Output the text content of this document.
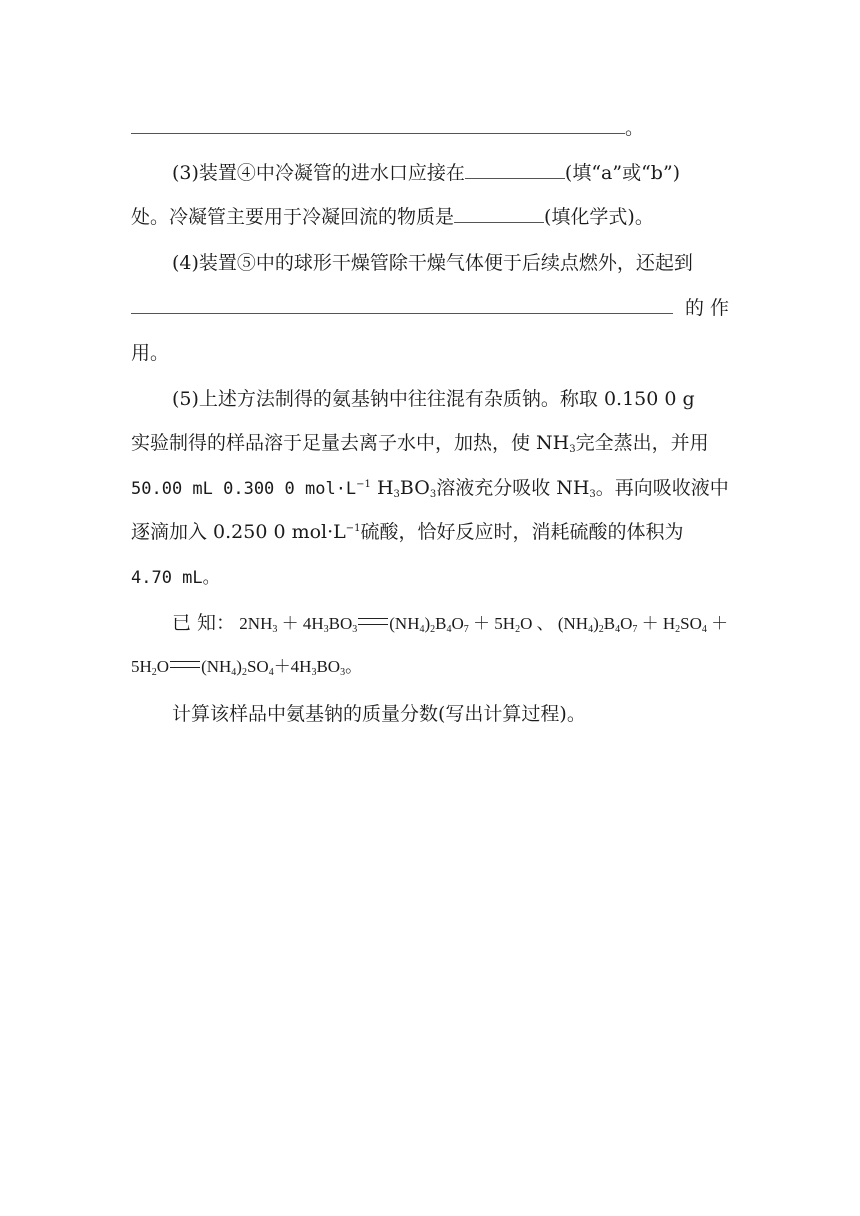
。
(3)装置④中冷凝管的进水口应接在	(填“a”或“b”)
处。冷凝管主要用于冷凝回流的物质是	(填化学式)。
(4)装置⑤中的球形干燥管除干燥气体便于后续点燃外，还起到
的 作
用。
(5)上述方法制得的氨基钠中往往混有杂质钠。称取 0.150 0 g
实验制得的样品溶于足量去离子水中，加热，使 $NH_3$完全蒸出，并用
50.00 mL 0.300 0 $mol\cdot L^{-1}$ $H_3BO_3$溶液充分吸收 $NH_3$。再向吸收液中
逐滴加入 0.250 0 $mol\cdot L^{-1}$硫酸，恰好反应时，消耗硫酸的体积为
4.70 mL。
已 知： $2NH_3 + 4H_3BO_3$ $(NH_4)_2B_4O_7 + 5H_2O$ 、 $(NH_4)_2B_4O_7 + H_2SO_4$ ＋
$5H_2O$ $(NH_4)_2SO_4+4H_3BO_3$。
计算该样品中氨基钠的质量分数(写出计算过程)。
